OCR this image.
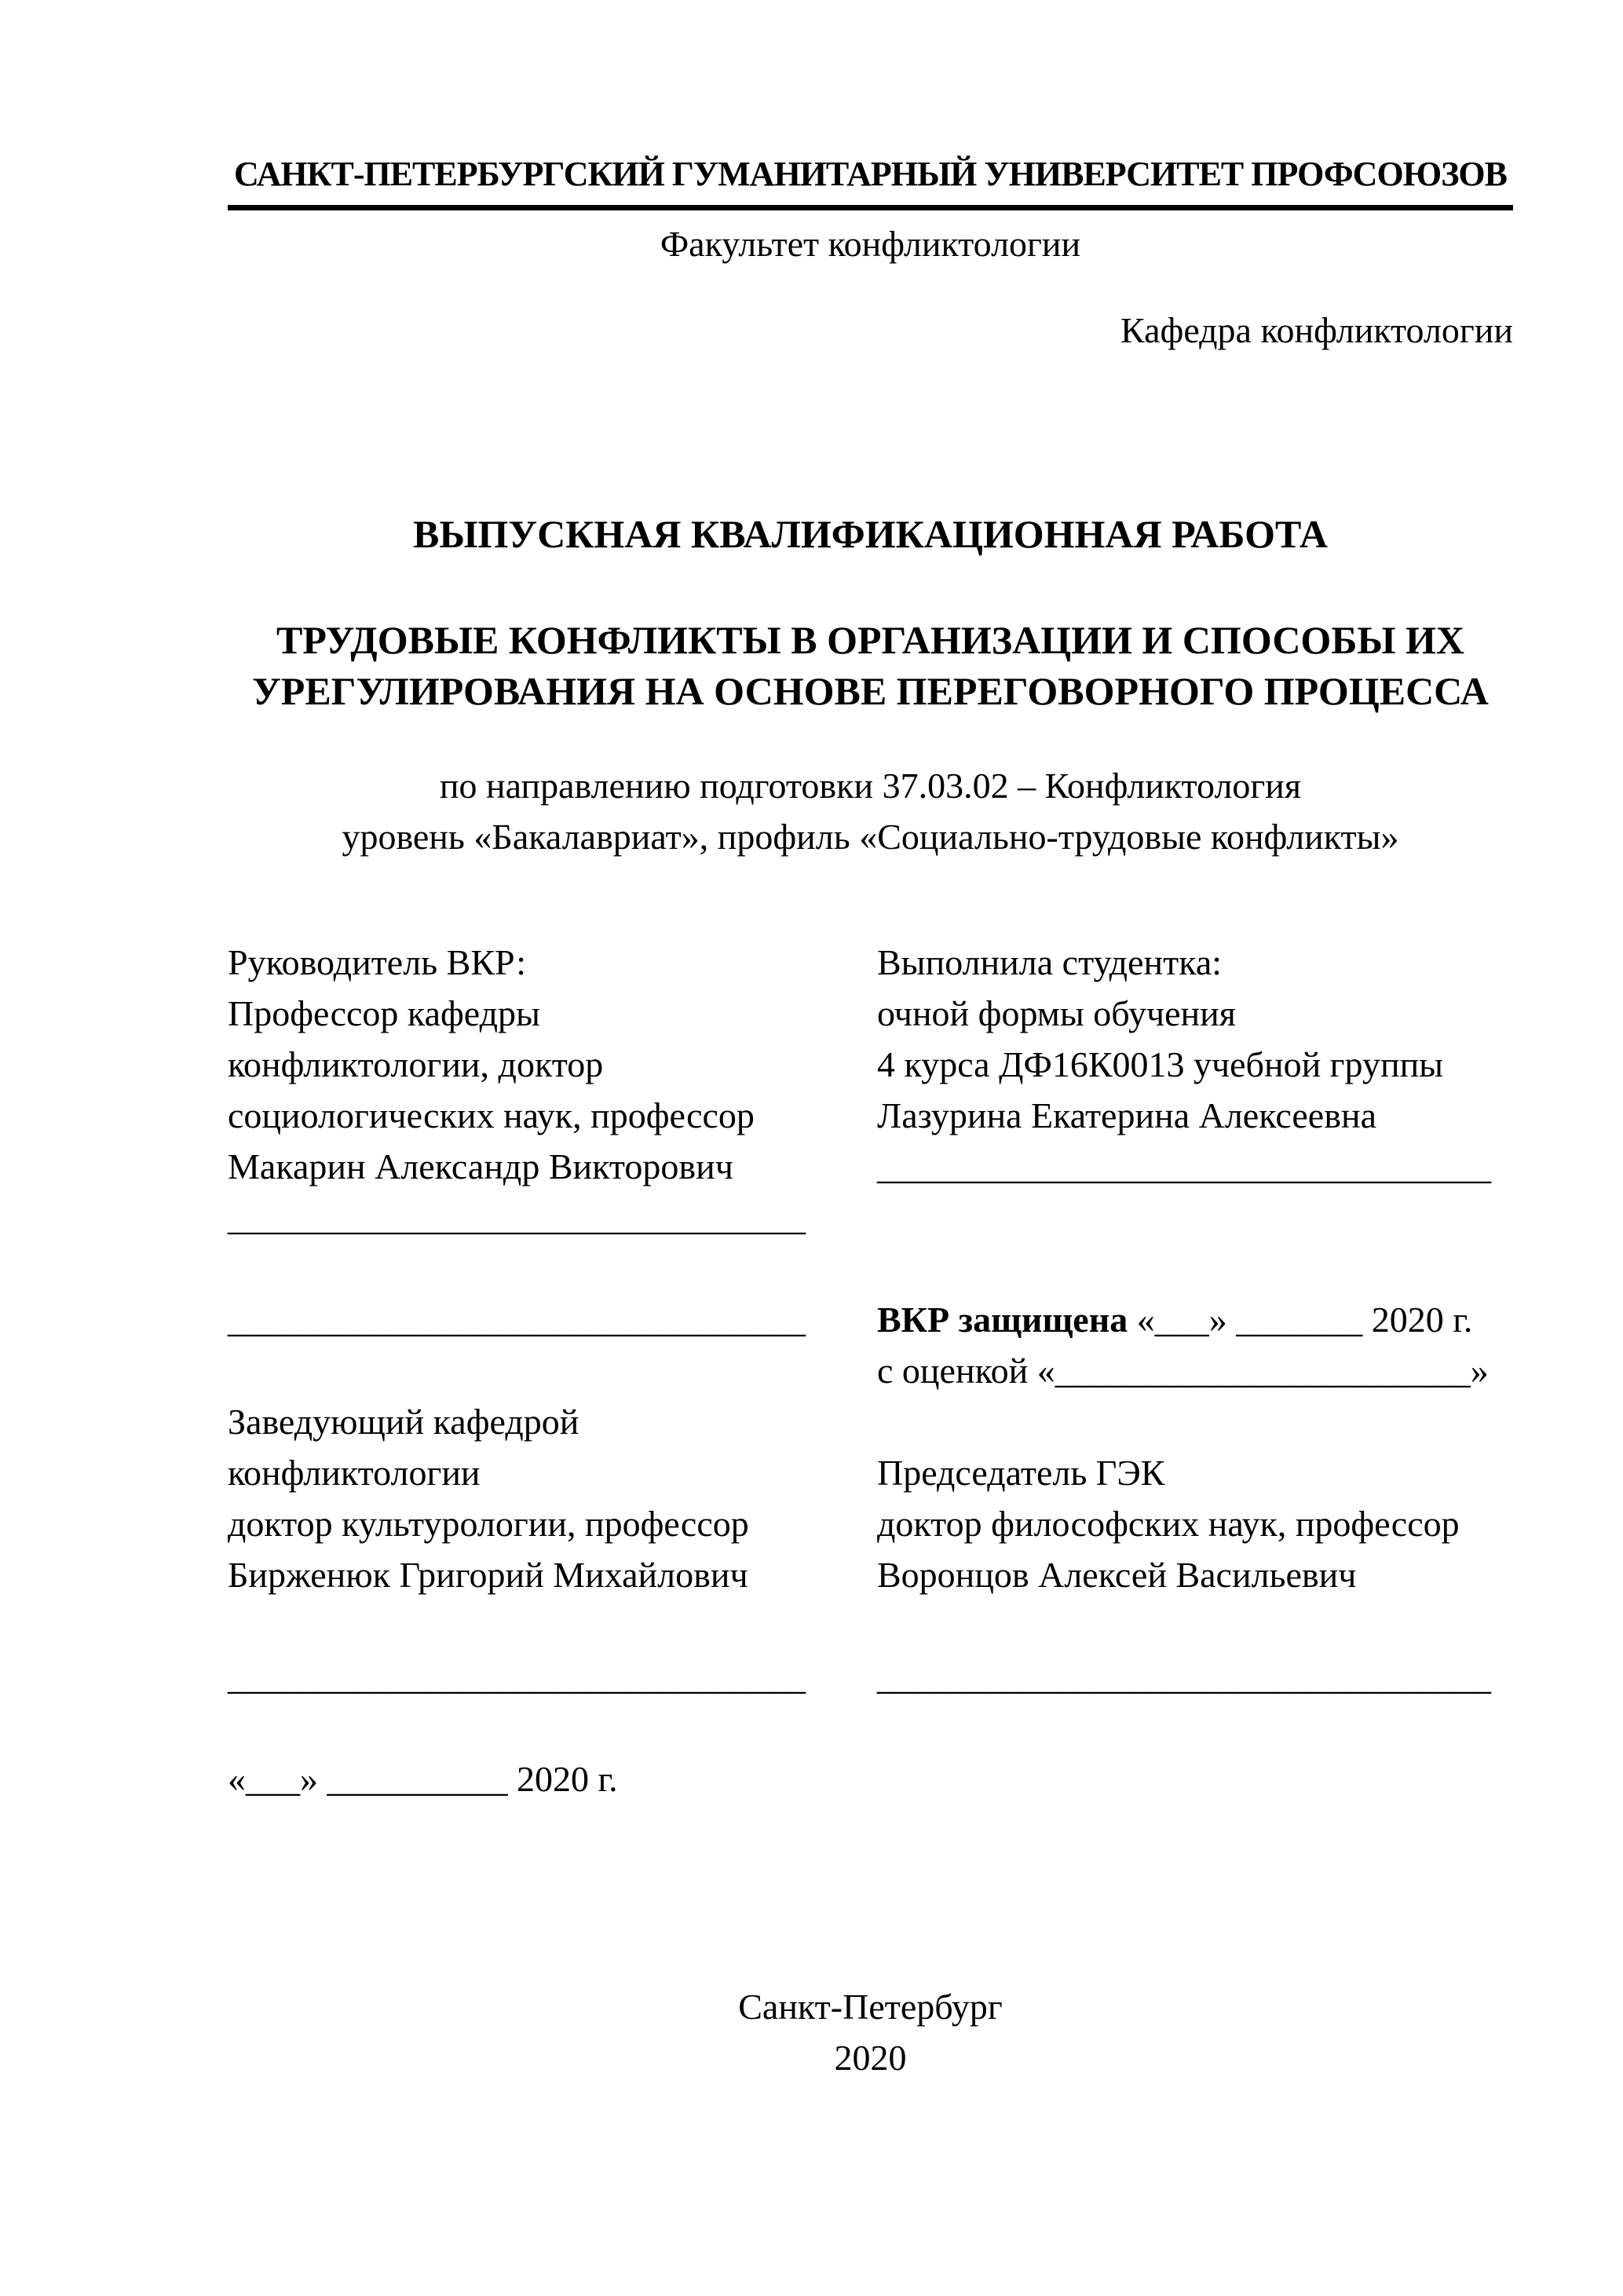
САНКТ-ПЕТЕРБУРГСКИЙ ГУМАНИТАРНЫЙ УНИВЕРСИТЕТ ПРОФСОЮЗОВ
Факультет конфликтологии
Кафедра конфликтологии
ВЫПУСКНАЯ КВАЛИФИКАЦИОННАЯ РАБОТА
ТРУДОВЫЕ КОНФЛИКТЫ В ОРГАНИЗАЦИИ И СПОСОБЫ ИХ
УРЕГУЛИРОВАНИЯ НА ОСНОВЕ ПЕРЕГОВОРНОГО ПРОЦЕССА
по направлению подготовки 37.03.02 – Конфликтология
уровень «Бакалавриат», профиль «Социально-трудовые конфликты»
Руководитель ВКР:
Профессор кафедры
конфликтологии, доктор
социологических наук, профессор
Макарин Александр Викторович
________________________________
________________________________
Заведующий кафедрой
конфликтологии
доктор культурологии, профессор
Бирженюк Григорий Михайлович
________________________________
«___» __________ 2020 г.
Выполнила студентка:
очной формы обучения
4 курса ДФ16К0013 учебной группы
Лазурина Екатерина Алексеевна
__________________________________
ВКР защищена «___» _______ 2020 г.
с оценкой «_______________________»
Председатель ГЭК
доктор философских наук, профессор
Воронцов Алексей Васильевич
__________________________________
Санкт-Петербург
2020
